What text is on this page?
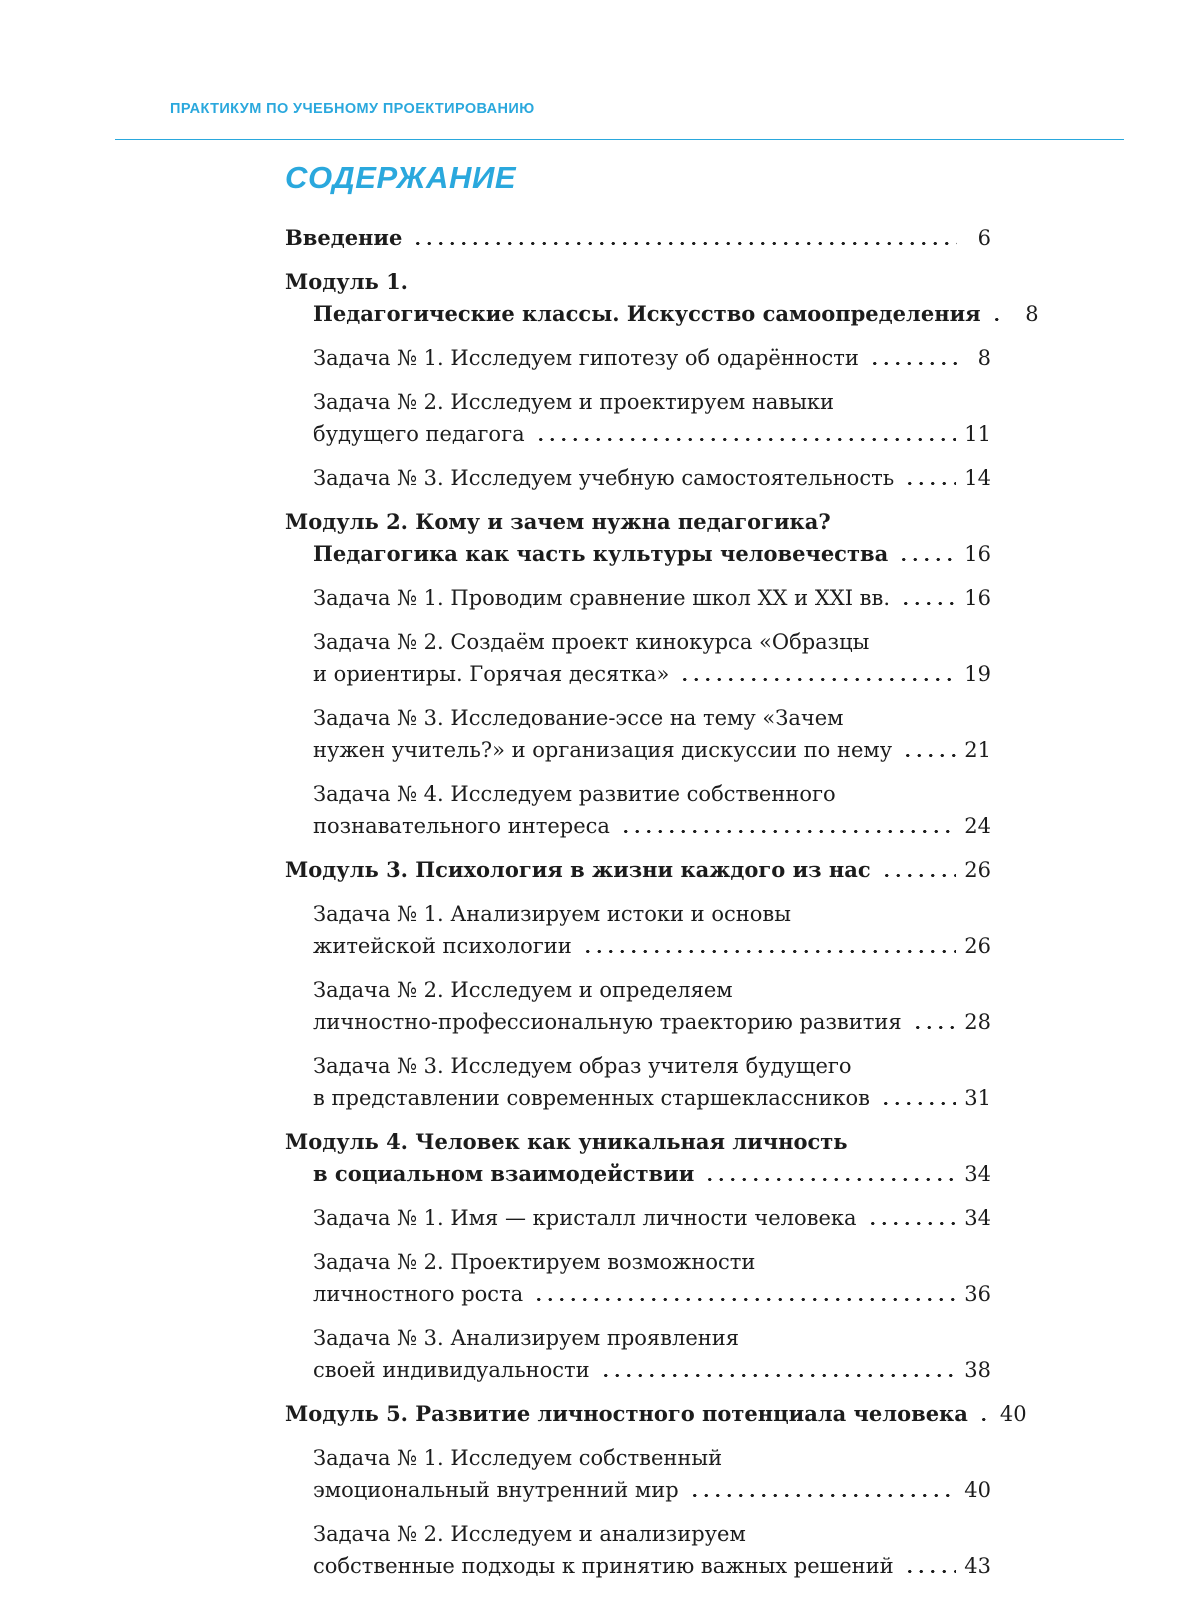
ПРАКТИКУМ ПО УЧЕБНОМУ ПРОЕКТИРОВАНИЮ
СОДЕРЖАНИЕ
Введение	6
Модуль 1.
Педагогические классы. Искусство самоопределения	8
Задача № 1. Исследуем гипотезу об одарённости	8
Задача № 2. Исследуем и проектируем навыки
будущего педагога	11
Задача № 3. Исследуем учебную самостоятельность	14
Модуль 2. Кому и зачем нужна педагогика?
Педагогика как часть культуры человечества	16
Задача № 1. Проводим сравнение школ XX и XXI вв.	16
Задача № 2. Создаём проект кинокурса «Образцы
и ориентиры. Горячая десятка»	19
Задача № 3. Исследование-эссе на тему «Зачем
нужен учитель?» и организация дискуссии по нему	21
Задача № 4. Исследуем развитие собственного
познавательного интереса	24
Модуль 3. Психология в жизни каждого из нас	26
Задача № 1. Анализируем истоки и основы
житейской психологии	26
Задача № 2. Исследуем и определяем
личностно-профессиональную траекторию развития	28
Задача № 3. Исследуем образ учителя будущего
в представлении современных старшеклассников	31
Модуль 4. Человек как уникальная личность
в социальном взаимодействии	34
Задача № 1. Имя — кристалл личности человека	34
Задача № 2. Проектируем возможности
личностного роста	36
Задача № 3. Анализируем проявления
своей индивидуальности	38
Модуль 5. Развитие личностного потенциала человека 40
Задача № 1. Исследуем собственный
эмоциональный внутренний мир	40
Задача № 2. Исследуем и анализируем
собственные подходы к принятию важных решений	43
